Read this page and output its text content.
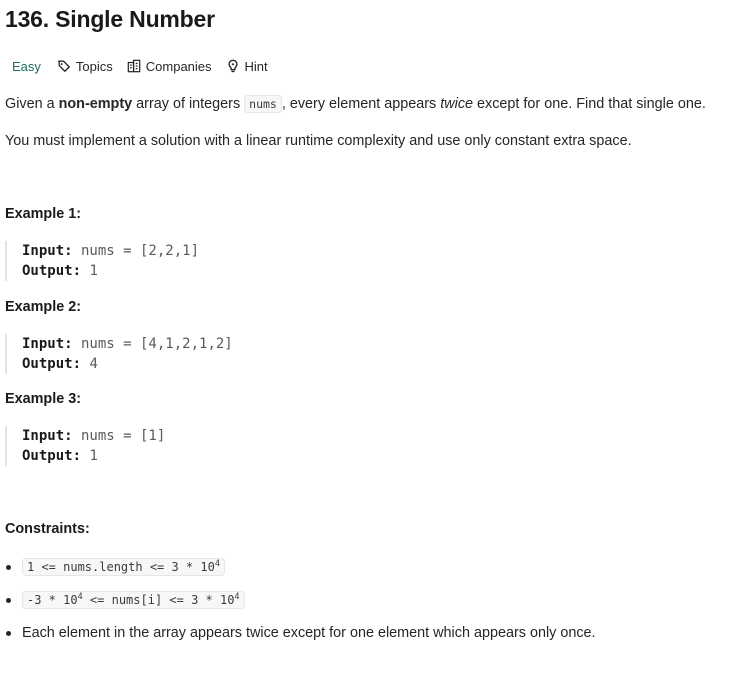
136. Single Number
Easy	Topics	Companies	Hint
Given a non-empty array of integers nums , every element appears twice except for one. Find that single one.
You must implement a solution with a linear runtime complexity and use only constant extra space.
Example 1:
Input: nums = [2,2,1]
Output: 1
Example 2:
Input: nums = [4,1,2,1,2]
Output: 4
Example 3:
Input: nums = [1]
Output: 1
Constraints:
1 <= nums.length <= $3 * 10^4$
$-3 * 10^4$ <= nums[i] <= $3 * 10^4$
Each element in the array appears twice except for one element which appears only once.
